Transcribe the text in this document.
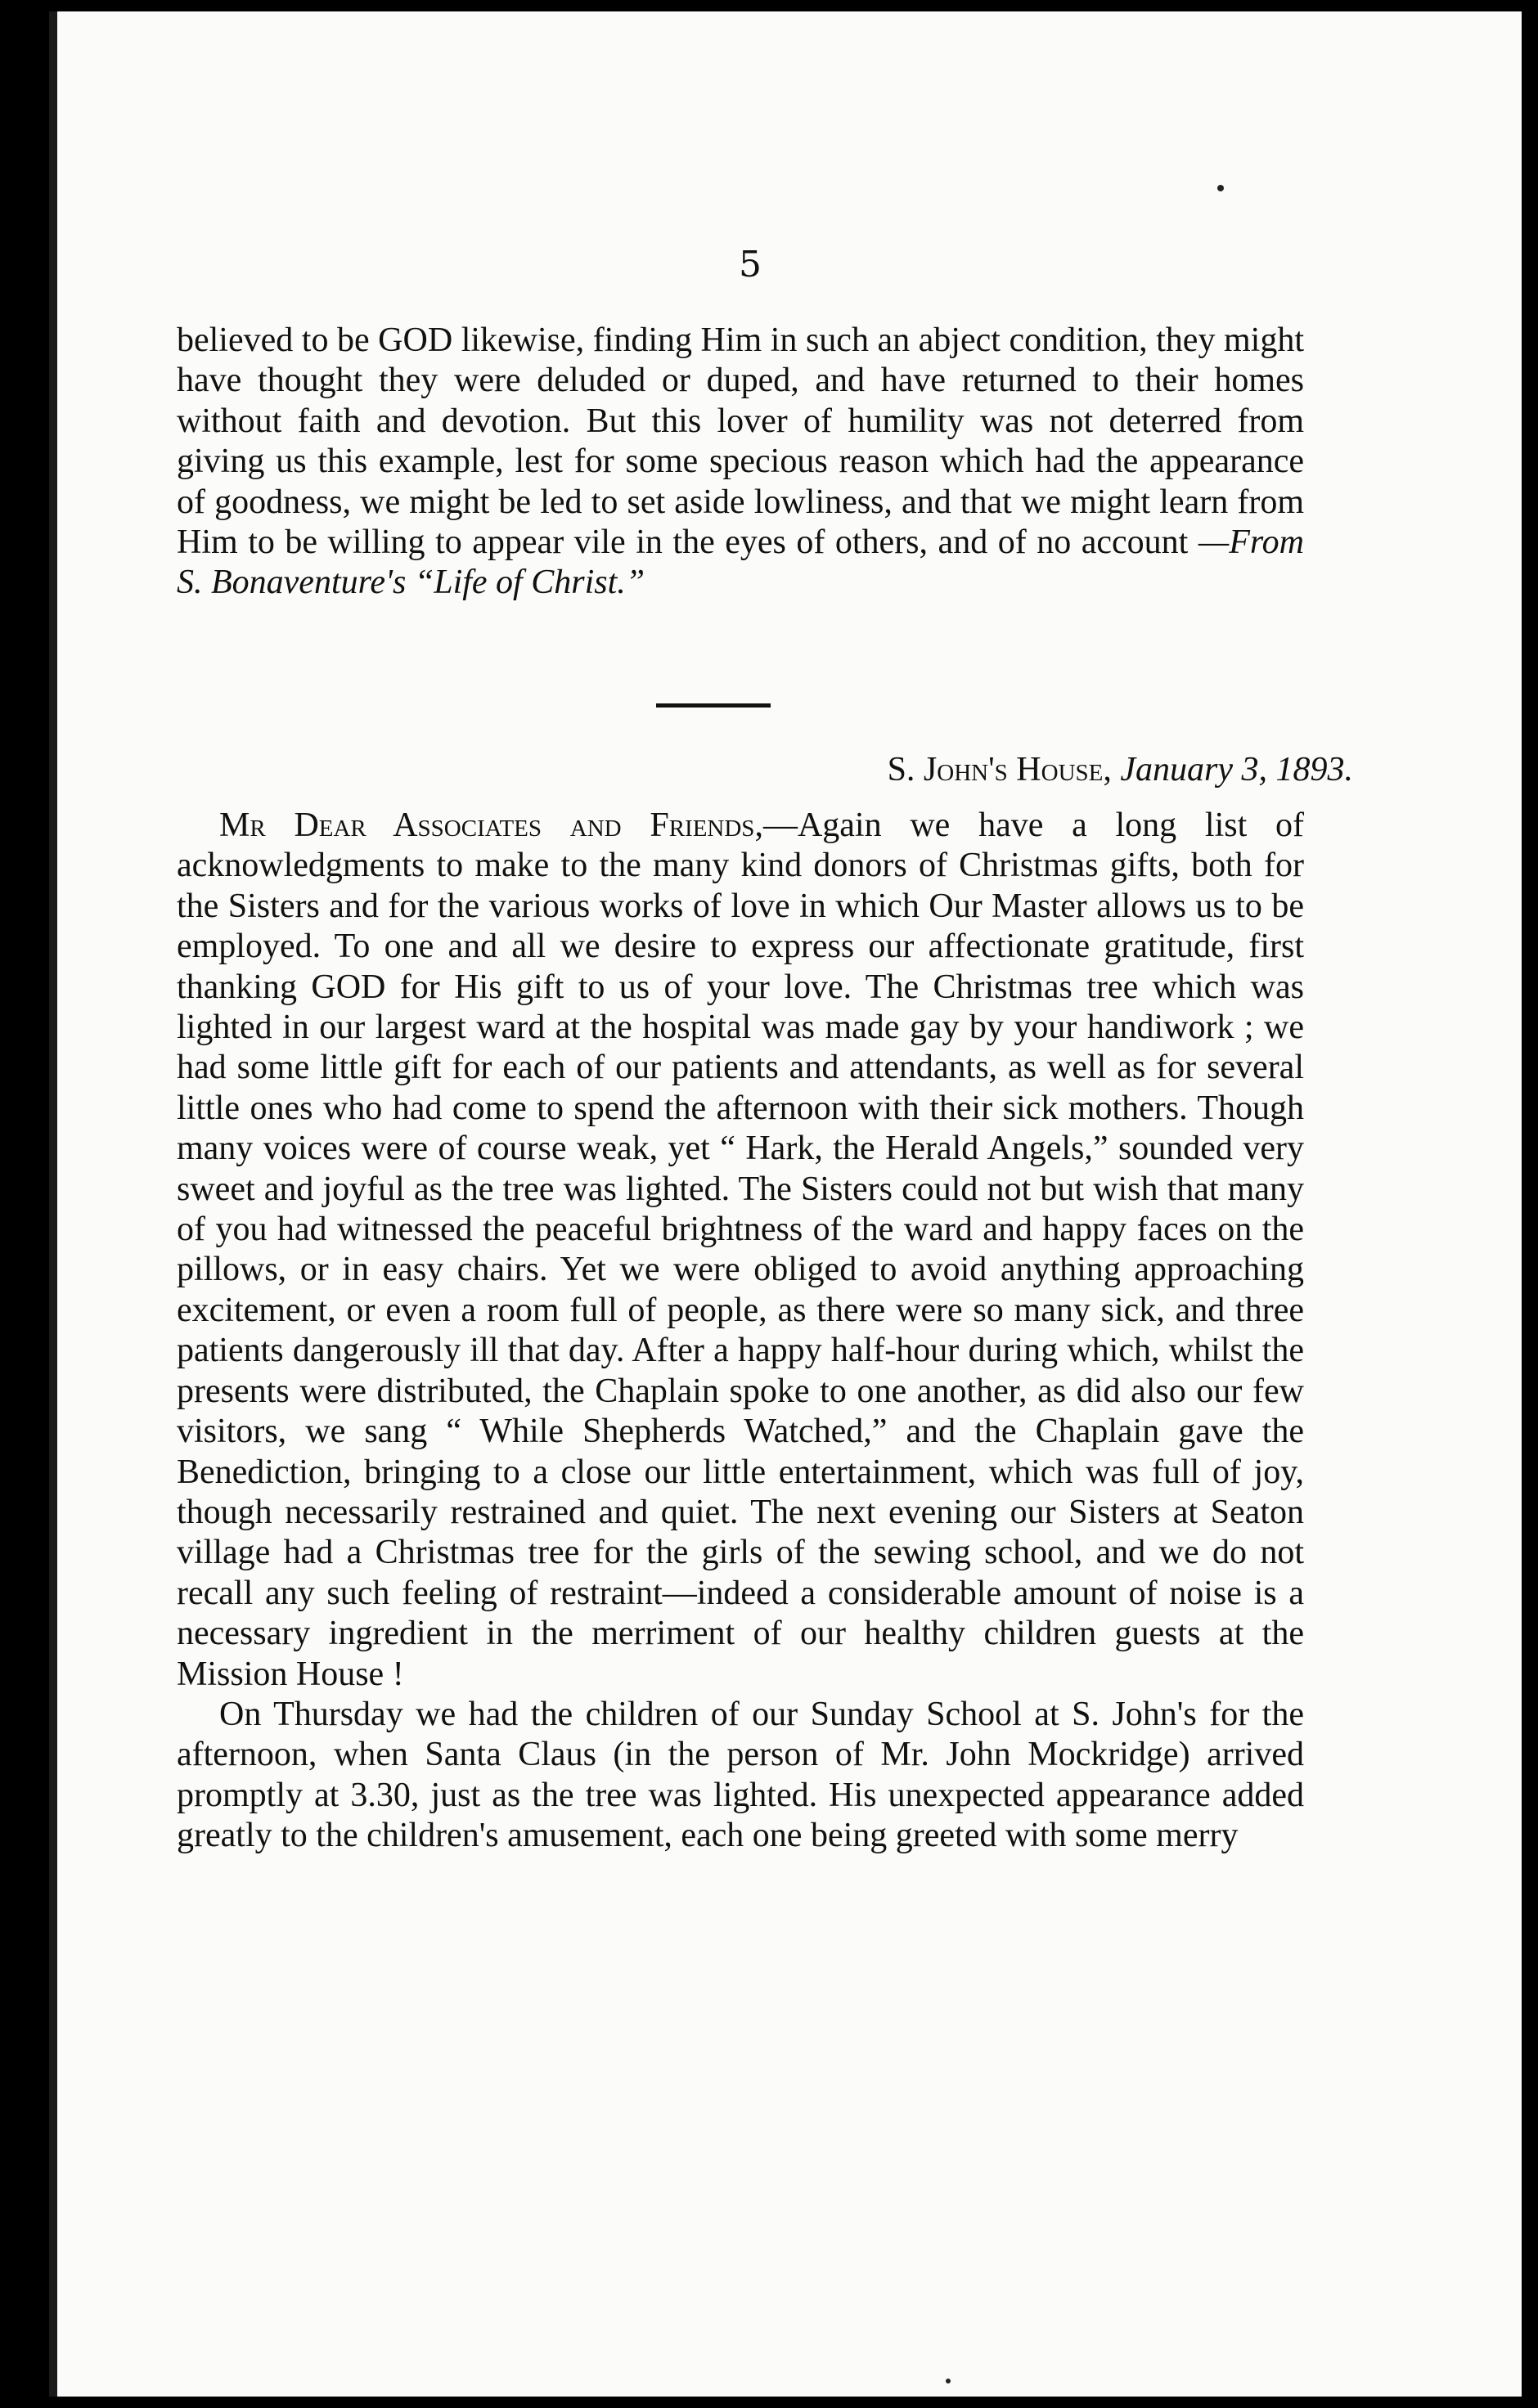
5

believed to be GOD likewise, finding Him in such an abject condition, they might have thought they were deluded or duped, and have returned to their homes without faith and devotion. But this lover of humility was not deterred from giving us this example, lest for some specious reason which had the appearance of goodness, we might be led to set aside lowliness, and that we might learn from Him to be willing to appear vile in the eyes of others, and of no account —From S. Bonaventure's “Life of Christ.”

S. John's House, January 3, 1893.

Mr Dear Associates and Friends,—Again we have a long list of acknowledgments to make to the many kind donors of Christmas gifts, both for the Sisters and for the various works of love in which Our Master allows us to be employed. To one and all we desire to express our affectionate gratitude, first thanking GOD for His gift to us of your love. The Christmas tree which was lighted in our largest ward at the hospital was made gay by your handiwork ; we had some little gift for each of our patients and attendants, as well as for several little ones who had come to spend the afternoon with their sick mothers. Though many voices were of course weak, yet “ Hark, the Herald Angels,” sounded very sweet and joyful as the tree was lighted. The Sisters could not but wish that many of you had witnessed the peaceful brightness of the ward and happy faces on the pillows, or in easy chairs. Yet we were obliged to avoid anything approaching excitement, or even a room full of people, as there were so many sick, and three patients dangerously ill that day. After a happy half-hour during which, whilst the presents were distributed, the Chaplain spoke to one another, as did also our few visitors, we sang “ While Shepherds Watched,” and the Chaplain gave the Benediction, bringing to a close our little entertainment, which was full of joy, though necessarily restrained and quiet. The next evening our Sisters at Seaton village had a Christmas tree for the girls of the sewing school, and we do not recall any such feeling of restraint—indeed a considerable amount of noise is a necessary ingredient in the merriment of our healthy children guests at the Mission House !

On Thursday we had the children of our Sunday School at S. John's for the afternoon, when Santa Claus (in the person of Mr. John Mockridge) arrived promptly at 3.30, just as the tree was lighted. His unexpected appearance added greatly to the children's amusement, each one being greeted with some merry
